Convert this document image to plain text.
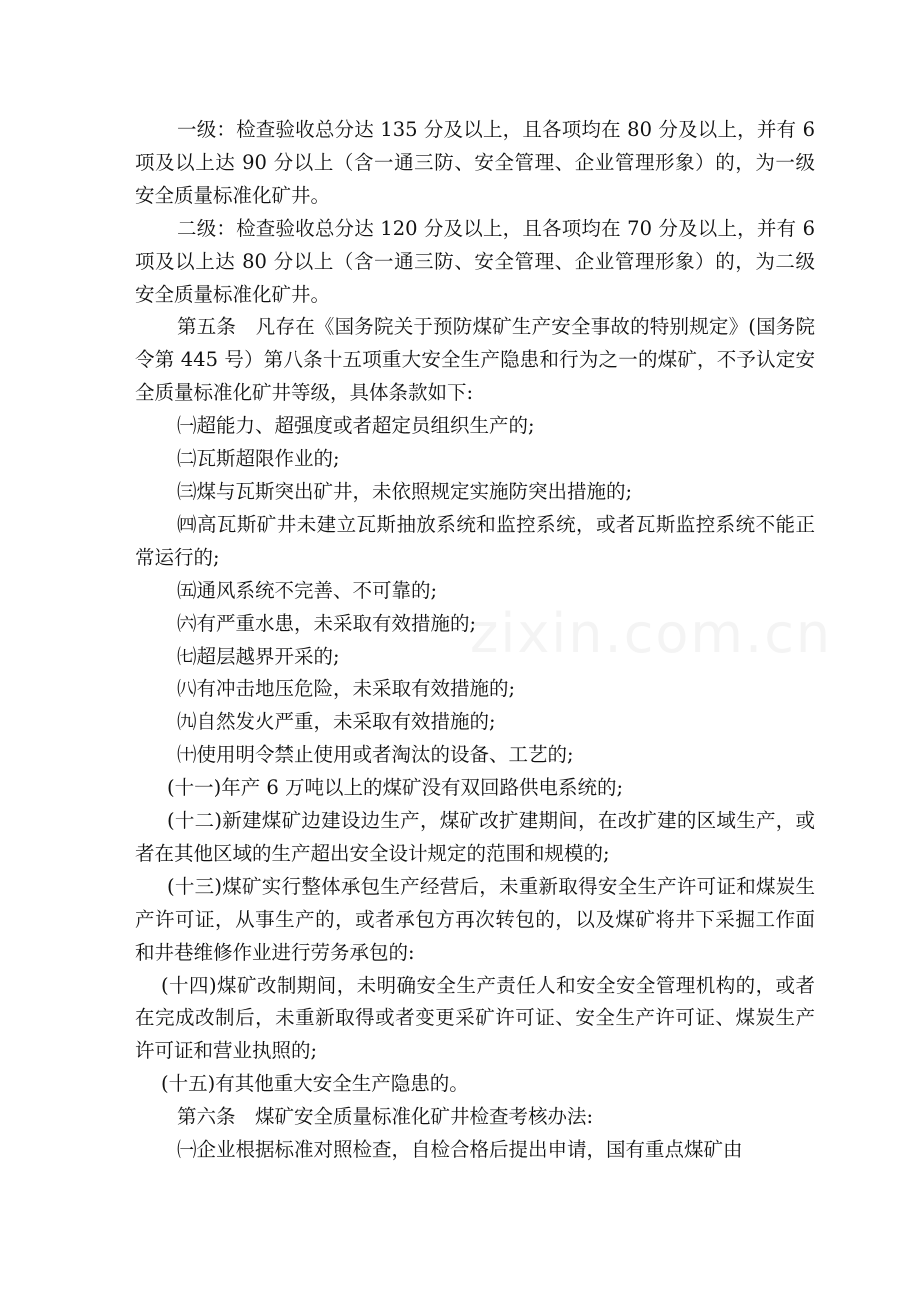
一级：检查验收总分达 135 分及以上，且各项均在 80 分及以上，并有 6 项及以上达 90 分以上（含一通三防、安全管理、企业管理形象）的，为一级安全质量标准化矿井。

二级：检查验收总分达 120 分及以上，且各项均在 70 分及以上，并有 6 项及以上达 80 分以上（含一通三防、安全管理、企业管理形象）的，为二级安全质量标准化矿井。

第五条　凡存在《国务院关于预防煤矿生产安全事故的特别规定》(国务院令第 445 号）第八条十五项重大安全生产隐患和行为之一的煤矿，不予认定安全质量标准化矿井等级，具体条款如下:

㈠超能力、超强度或者超定员组织生产的;

㈡瓦斯超限作业的;

㈢煤与瓦斯突出矿井，未依照规定实施防突出措施的;

㈣高瓦斯矿井未建立瓦斯抽放系统和监控系统，或者瓦斯监控系统不能正常运行的;

㈤通风系统不完善、不可靠的;

㈥有严重水患，未采取有效措施的;

㈦超层越界开采的;

㈧有冲击地压危险，未采取有效措施的;

㈨自然发火严重，未采取有效措施的;

㈩使用明令禁止使用或者淘汰的设备、工艺的;

(十一)年产 6 万吨以上的煤矿没有双回路供电系统的;

(十二)新建煤矿边建设边生产，煤矿改扩建期间，在改扩建的区域生产，或者在其他区域的生产超出安全设计规定的范围和规模的;

(十三)煤矿实行整体承包生产经营后，未重新取得安全生产许可证和煤炭生产许可证，从事生产的，或者承包方再次转包的，以及煤矿将井下采掘工作面和井巷维修作业进行劳务承包的:

(十四)煤矿改制期间，未明确安全生产责任人和安全安全管理机构的，或者在完成改制后，未重新取得或者变更采矿许可证、安全生产许可证、煤炭生产许可证和营业执照的;

(十五)有其他重大安全生产隐患的。

第六条　煤矿安全质量标准化矿井检查考核办法:

㈠企业根据标准对照检查，自检合格后提出申请，国有重点煤矿由

zixin.com.cn
